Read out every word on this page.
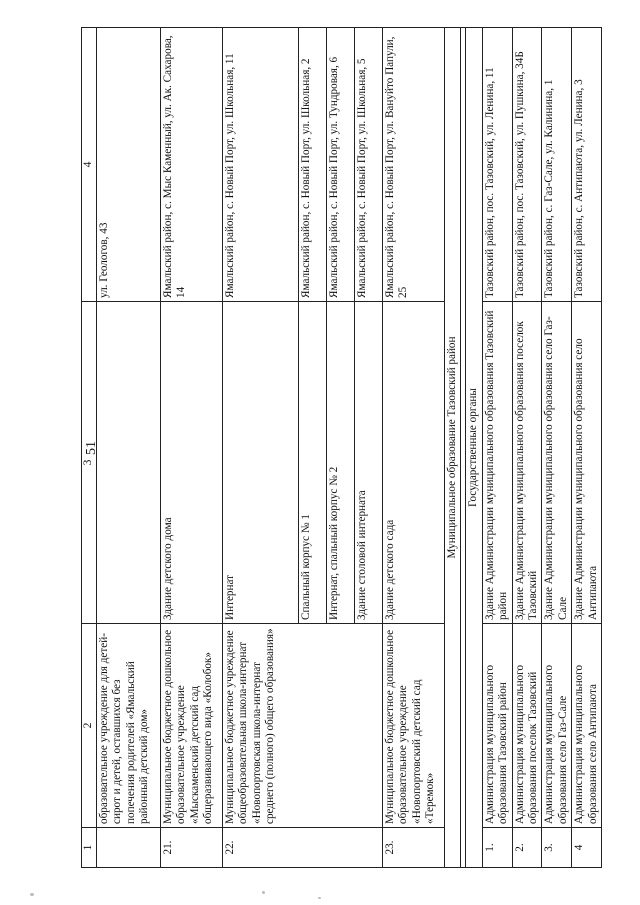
51
1	2	3	4
	образовательное учреждение для детей-сирот и детей, оставшихся без попечения родителей «Ямальский районный детский дом»		ул. Геологов, 43
21.	Муниципальное бюджетное дошкольное образовательное учреждение «Мыскаменский детский сад общеразвивающего вида «Колобок»	Здание детского дома	Ямальский район, с. Мыс Каменный, ул. Ак. Сахарова, 14
22.	Муниципальное бюджетное учреждение общеобразовательная школа-интернат «Новопортовская школа-интернат среднего (полного) общего образования»	Интернат	Ямальский район, с. Новый Порт, ул. Школьная, 11
		Спальный корпус № 1	Ямальский район, с. Новый Порт, ул. Школьная, 2
		Интернат, спальный корпус № 2	Ямальский район, с. Новый Порт, ул. Тундровая, 6
		Здание столовой интерната	Ямальский район, с. Новый Порт, ул. Школьная, 5
23.	Муниципальное бюджетное дошкольное образовательное учреждение «Новопортовский детский сад «Теремок»	Здание детского сада	Ямальский район, с. Новый Порт, ул. Вануйто Папули, 25
Муниципальное образование Тазовский район			

Государственные органы			
1.	Администрация муниципального образования Тазовский район	Здание Администрации муниципального образования Тазовский район	Тазовский район, пос. Тазовский, ул. Ленина, 11
2.	Администрация муниципального образования поселок Тазовский	Здание Администрации муниципального образования поселок Тазовский	Тазовский район, пос. Тазовский, ул. Пушкина, 34Б
3.	Администрация муниципального образования село Газ-Сале	Здание Администрации муниципального образования село Газ-Сале	Тазовский район, с. Газ-Сале, ул. Калинина, 1
4	Администрация муниципального образования село Антипаюта	Здание Администрации муниципального образования село Антипаюта	Тазовский район, с. Антипаюта, ул. Ленина, 3
